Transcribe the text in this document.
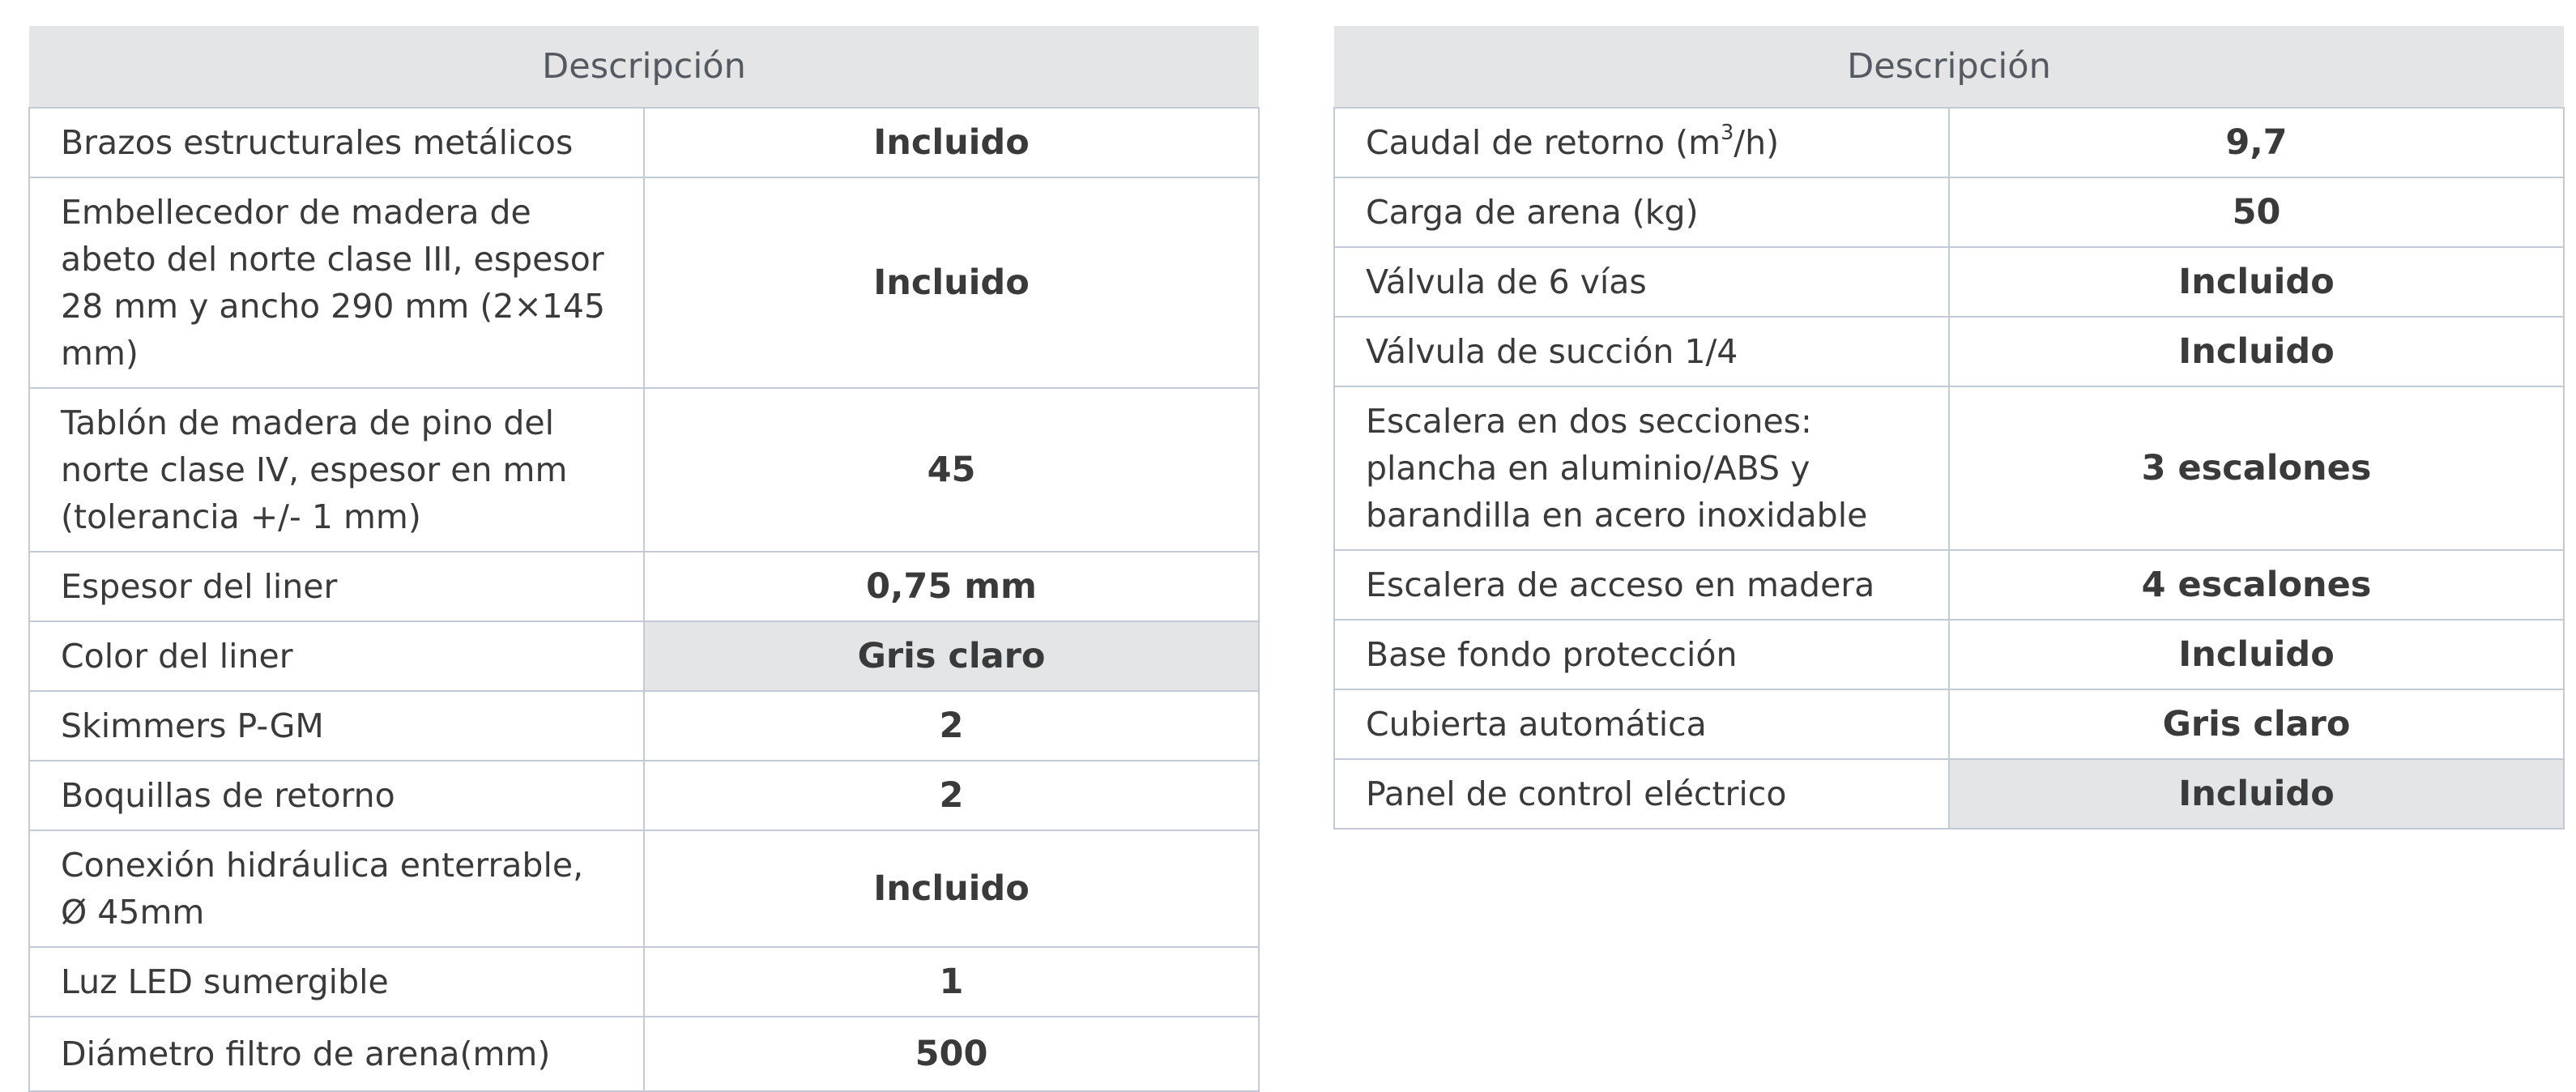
Descripción	
Brazos estructurales metálicos	Incluido
Embellecedor de madera de abeto del norte clase III, espesor 28 mm y ancho 290 mm (2×145 mm)	Incluido
Tablón de madera de pino del norte clase IV, espesor en mm (tolerancia +/- 1 mm)	45
Espesor del liner	0,75 mm
Color del liner	Gris claro
Skimmers P-GM	2
Boquillas de retorno	2
Conexión hidráulica enterrable, Ø 45mm	Incluido
Luz LED sumergible	1
Diámetro filtro de arena(mm)	500
Descripción	
Caudal de retorno $(m^3/h)$	9,7
Carga de arena (kg)	50
Válvula de 6 vías	Incluido
Válvula de succión 1/4	Incluido
Escalera en dos secciones: plancha en aluminio/ABS y barandilla en acero inoxidable	3 escalones
Escalera de acceso en madera	4 escalones
Base fondo protección	Incluido
Cubierta automática	Gris claro
Panel de control eléctrico	Incluido
